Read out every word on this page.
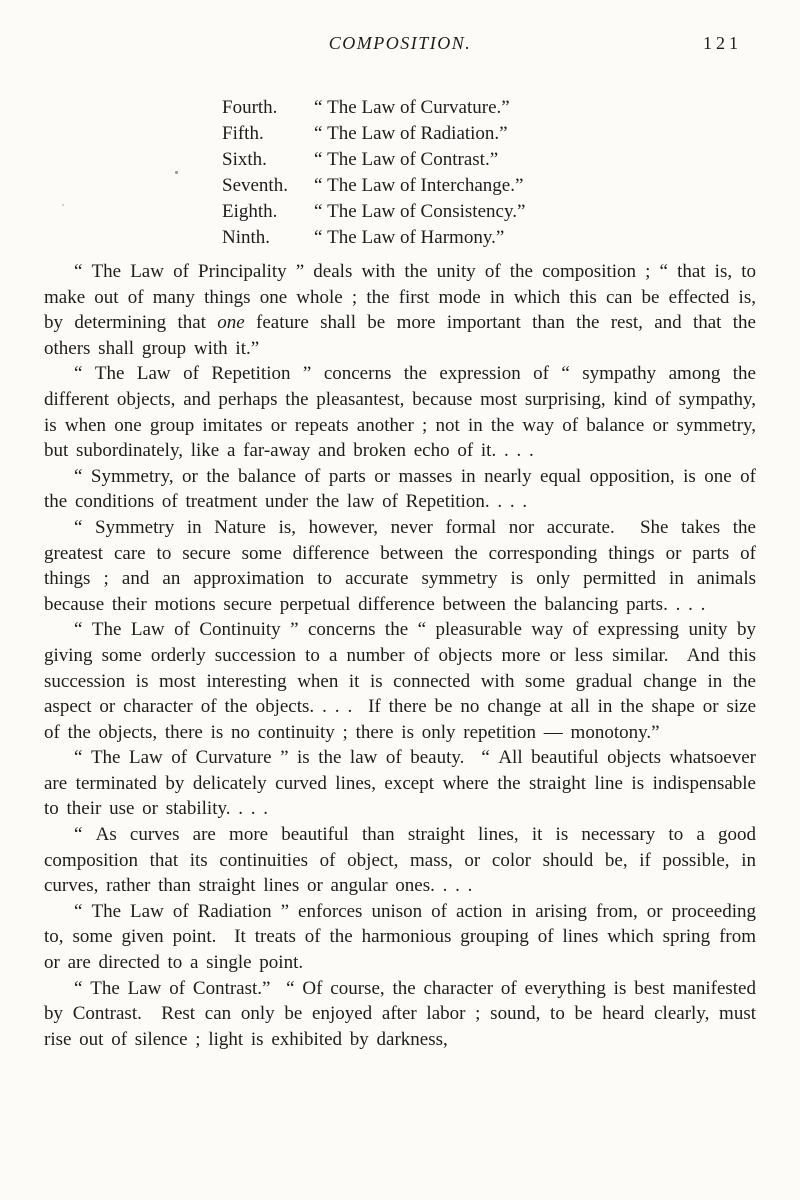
COMPOSITION.	121
Fourth.	“ The Law of Curvature.”
Fifth.	“ The Law of Radiation.”
Sixth.	“ The Law of Contrast.”
Seventh.	“ The Law of Interchange.”
Eighth.	“ The Law of Consistency.”
Ninth.	“ The Law of Harmony.”

“ The Law of Principality ” deals with the unity of the composition ; “ that is, to make out of many things one whole ; the first mode in which this can be effected is, by determining that one feature shall be more important than the rest, and that the others shall group with it.”

“ The Law of Repetition ” concerns the expression of “ sympathy among the different objects, and perhaps the pleasantest, because most surprising, kind of sympathy, is when one group imitates or repeats another ; not in the way of balance or symmetry, but subordinately, like a far-away and broken echo of it. . . .

“ Symmetry, or the balance of parts or masses in nearly equal opposition, is one of the conditions of treatment under the law of Repetition. . . .

“ Symmetry in Nature is, however, never formal nor accurate.  She takes the greatest care to secure some difference between the corresponding things or parts of things ; and an approximation to accurate symmetry is only permitted in animals because their motions secure perpetual difference between the balancing parts. . . .

“ The Law of Continuity ” concerns the “ pleasurable way of expressing unity by giving some orderly succession to a number of objects more or less similar.  And this succession is most interesting when it is connected with some gradual change in the aspect or character of the objects. . . .  If there be no change at all in the shape or size of the objects, there is no continuity ; there is only repetition — monotony.”

“ The Law of Curvature ” is the law of beauty.  “ All beautiful objects whatsoever are terminated by delicately curved lines, except where the straight line is indispensable to their use or stability. . . .

“ As curves are more beautiful than straight lines, it is necessary to a good composition that its continuities of object, mass, or color should be, if possible, in curves, rather than straight lines or angular ones. . . .

“ The Law of Radiation ” enforces unison of action in arising from, or proceeding to, some given point.  It treats of the harmonious grouping of lines which spring from or are directed to a single point.

“ The Law of Contrast.”  “ Of course, the character of everything is best manifested by Contrast.  Rest can only be enjoyed after labor ; sound, to be heard clearly, must rise out of silence ; light is exhibited by darkness,
